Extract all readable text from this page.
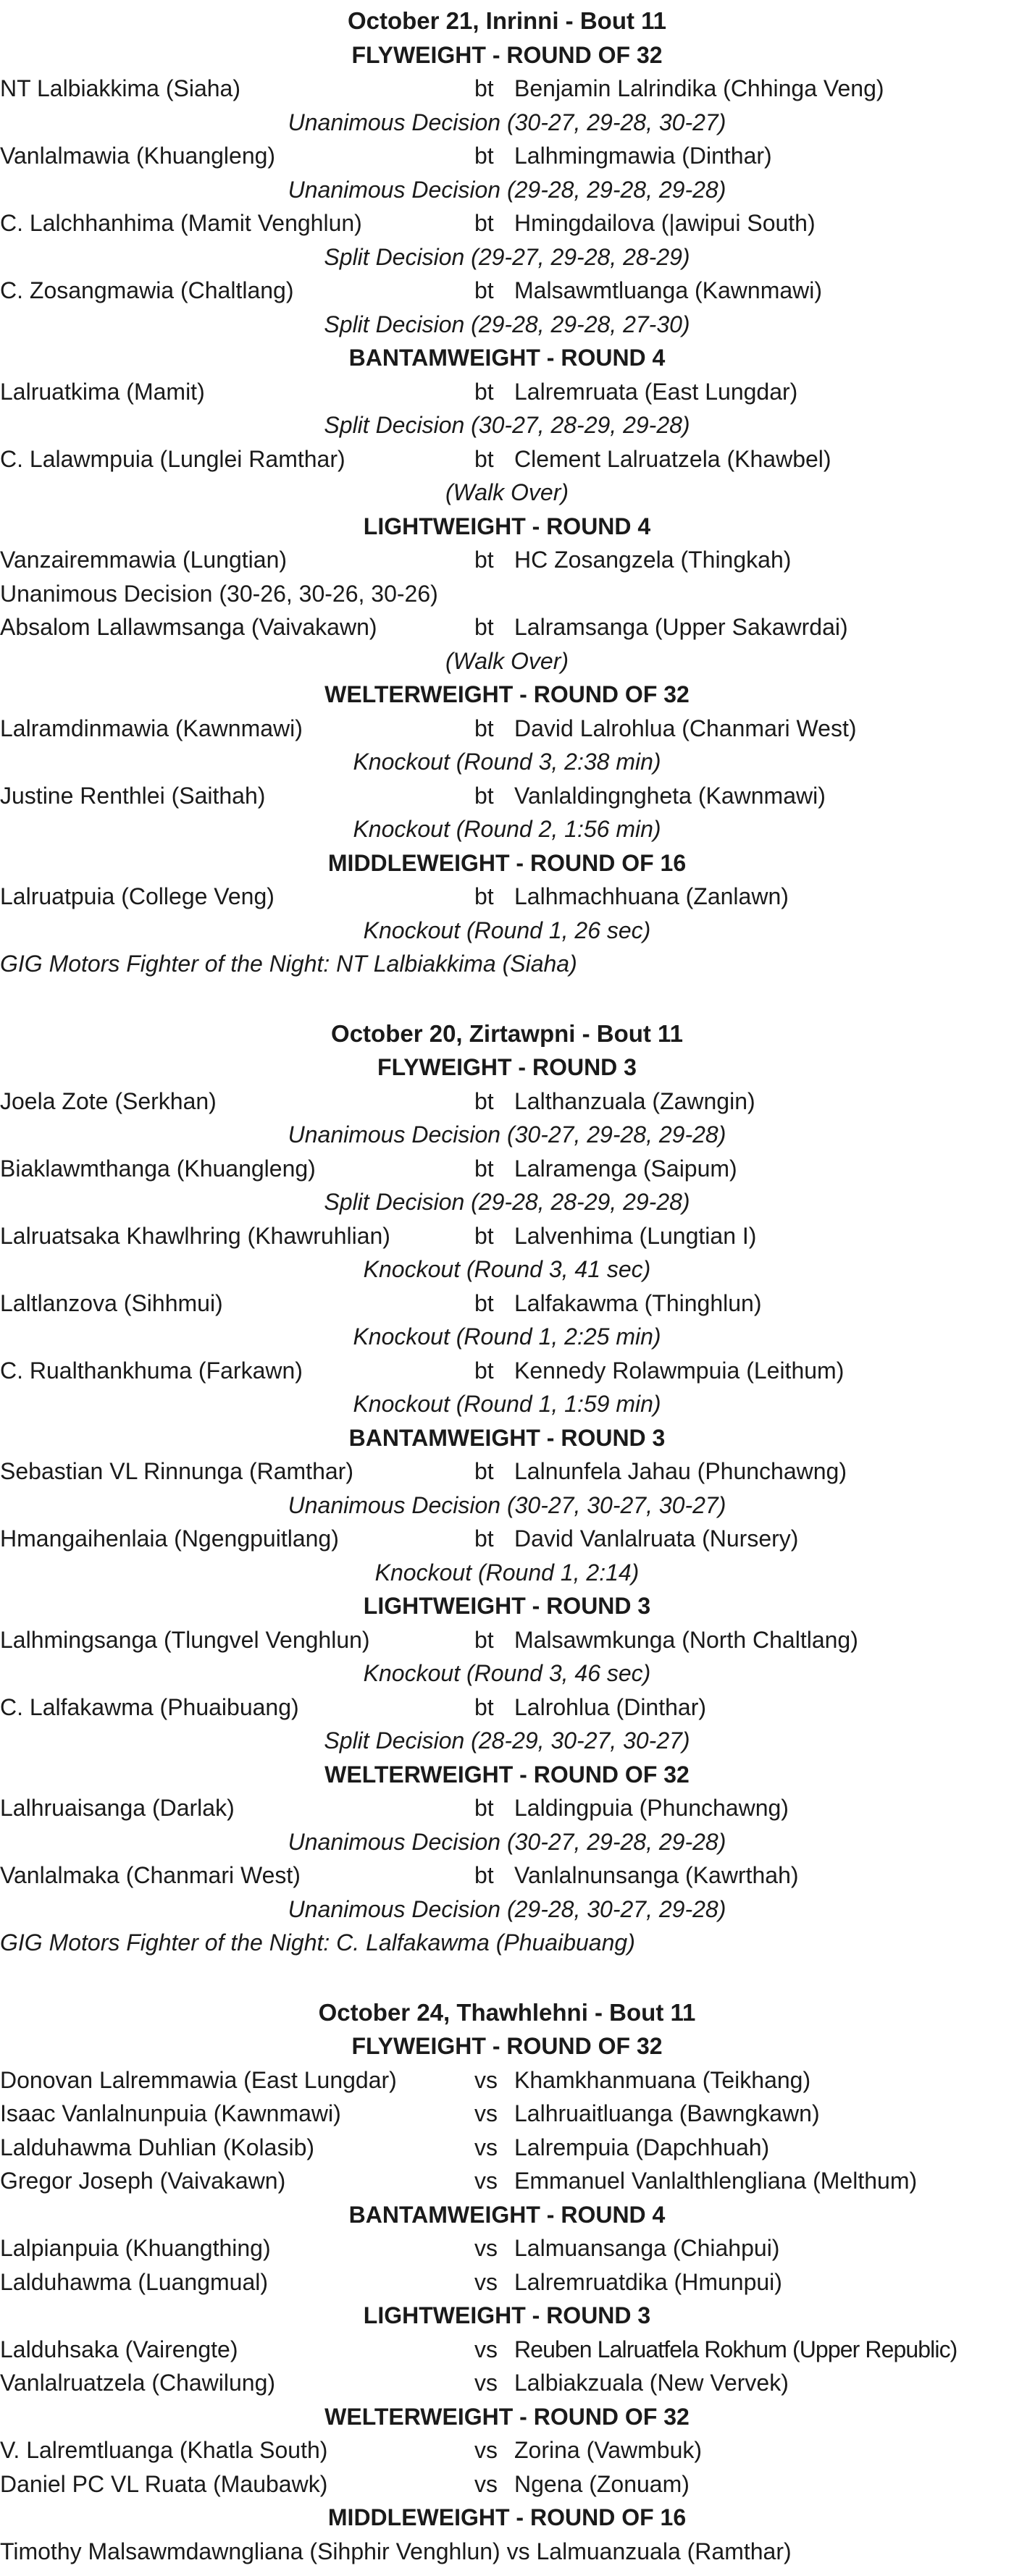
October 21, Inrinni - Bout 11
FLYWEIGHT - ROUND OF 32
NT Lalbiakkima (Siaha)	bt Benjamin Lalrindika (Chhinga Veng)
Unanimous Decision (30-27, 29-28, 30-27)
Vanlalmawia (Khuangleng)	bt Lalhmingmawia (Dinthar)
Unanimous Decision (29-28, 29-28, 29-28)
C. Lalchhanhima (Mamit Venghlun)	bt Hmingdailova (|awipui South)
Split Decision (29-27, 29-28, 28-29)
C. Zosangmawia (Chaltlang)	bt Malsawmtluanga (Kawnmawi)
Split Decision (29-28, 29-28, 27-30)
BANTAMWEIGHT - ROUND 4
Lalruatkima (Mamit)	bt Lalremruata (East Lungdar)
Split Decision (30-27, 28-29, 29-28)
C. Lalawmpuia (Lunglei Ramthar)	bt Clement Lalruatzela (Khawbel)
(Walk Over)
LIGHTWEIGHT - ROUND 4
Vanzairemmawia (Lungtian)	bt HC Zosangzela (Thingkah)
Unanimous Decision (30-26, 30-26, 30-26)
Absalom Lallawmsanga (Vaivakawn)	bt Lalramsanga (Upper Sakawrdai)
(Walk Over)
WELTERWEIGHT - ROUND OF 32
Lalramdinmawia (Kawnmawi)	bt David Lalrohlua (Chanmari West)
Knockout (Round 3, 2:38 min)
Justine Renthlei (Saithah)	bt Vanlaldingngheta (Kawnmawi)
Knockout (Round 2, 1:56 min)
MIDDLEWEIGHT - ROUND OF 16
Lalruatpuia (College Veng)	bt Lalhmachhuana (Zanlawn)
Knockout (Round 1, 26 sec)
GIG Motors Fighter of the Night: NT Lalbiakkima (Siaha)
October 20, Zirtawpni - Bout 11
FLYWEIGHT - ROUND 3
Joela Zote (Serkhan)	bt Lalthanzuala (Zawngin)
Unanimous Decision (30-27, 29-28, 29-28)
Biaklawmthanga (Khuangleng)	bt Lalramenga (Saipum)
Split Decision (29-28, 28-29, 29-28)
Lalruatsaka Khawlhring (Khawruhlian)	bt Lalvenhima (Lungtian I)
Knockout (Round 3, 41 sec)
Laltlanzova (Sihhmui)	bt Lalfakawma (Thinghlun)
Knockout (Round 1, 2:25 min)
C. Rualthankhuma (Farkawn)	bt Kennedy Rolawmpuia (Leithum)
Knockout (Round 1, 1:59 min)
BANTAMWEIGHT - ROUND 3
Sebastian VL Rinnunga (Ramthar)	bt Lalnunfela Jahau (Phunchawng)
Unanimous Decision (30-27, 30-27, 30-27)
Hmangaihenlaia (Ngengpuitlang)	bt David Vanlalruata (Nursery)
Knockout (Round 1, 2:14)
LIGHTWEIGHT - ROUND 3
Lalhmingsanga (Tlungvel Venghlun)	bt Malsawmkunga (North Chaltlang)
Knockout (Round 3, 46 sec)
C. Lalfakawma (Phuaibuang)	bt Lalrohlua (Dinthar)
Split Decision (28-29, 30-27, 30-27)
WELTERWEIGHT - ROUND OF 32
Lalhruaisanga (Darlak)	bt Laldingpuia (Phunchawng)
Unanimous Decision (30-27, 29-28, 29-28)
Vanlalmaka (Chanmari West)	bt Vanlalnunsanga (Kawrthah)
Unanimous Decision (29-28, 30-27, 29-28)
GIG Motors Fighter of the Night: C. Lalfakawma (Phuaibuang)
October 24, Thawhlehni - Bout 11
FLYWEIGHT - ROUND OF 32
Donovan Lalremmawia (East Lungdar)	vs Khamkhanmuana (Teikhang)
Isaac Vanlalnunpuia (Kawnmawi)	vs Lalhruaitluanga (Bawngkawn)
Lalduhawma Duhlian (Kolasib)	vs Lalrempuia (Dapchhuah)
Gregor Joseph (Vaivakawn)	vs Emmanuel Vanlalthlengliana (Melthum)
BANTAMWEIGHT - ROUND 4
Lalpianpuia (Khuangthing)	vs Lalmuansanga (Chiahpui)
Lalduhawma (Luangmual)	vs Lalremruatdika (Hmunpui)
LIGHTWEIGHT - ROUND 3
Lalduhsaka (Vairengte)	vs Reuben Lalruatfela Rokhum (Upper Republic)
Vanlalruatzela (Chawilung)	vs Lalbiakzuala (New Vervek)
WELTERWEIGHT - ROUND OF 32
V. Lalremtluanga (Khatla South)	vs Zorina (Vawmbuk)
Daniel PC VL Ruata (Maubawk)	vs Ngena (Zonuam)
MIDDLEWEIGHT - ROUND OF 16
Timothy Malsawmdawngliana (Sihphir Venghlun) vs Lalmuanzuala (Ramthar)
